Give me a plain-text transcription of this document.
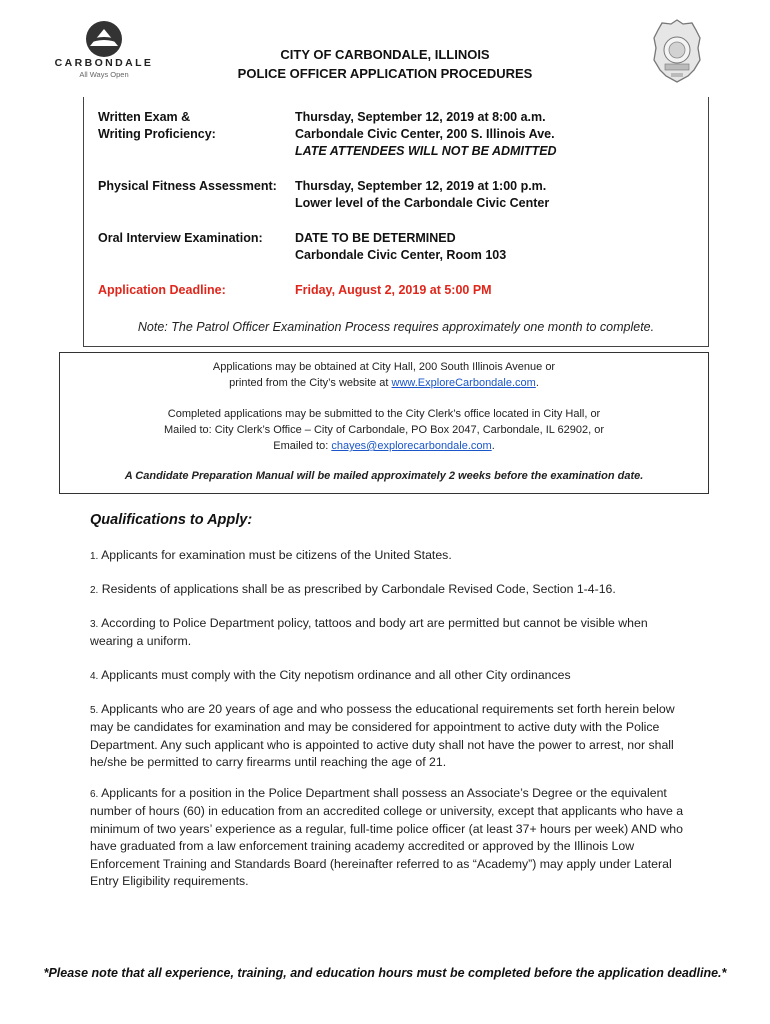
CARBONDALE
All Ways Open
CITY OF CARBONDALE, ILLINOIS
POLICE OFFICER APPLICATION PROCEDURES
Written Exam &
Writing Proficiency:
Thursday, September 12, 2019 at 8:00 a.m.
Carbondale Civic Center, 200 S. Illinois Ave.
LATE ATTENDEES WILL NOT BE ADMITTED
Physical Fitness Assessment: Thursday, September 12, 2019 at 1:00 p.m.
Lower level of the Carbondale Civic Center
Oral Interview Examination:	DATE TO BE DETERMINED
Carbondale Civic Center, Room 103
Application Deadline:	Friday, August 2, 2019 at 5:00 PM
Note: The Patrol Officer Examination Process requires approximately one month to complete.
Applications may be obtained at City Hall, 200 South Illinois Avenue or
printed from the City’s website at www.ExploreCarbondale.com.
Completed applications may be submitted to the City Clerk’s office located in City Hall, or
Mailed to: City Clerk’s Office – City of Carbondale, PO Box 2047, Carbondale, IL 62902, or
Emailed to: chayes@explorecarbondale.com.
A Candidate Preparation Manual will be mailed approximately 2 weeks before the examination date.
Qualifications to Apply:
1. Applicants for examination must be citizens of the United States.
2. Residents of applications shall be as prescribed by Carbondale Revised Code, Section 1-4-16.
3. According to Police Department policy, tattoos and body art are permitted but cannot be visible when wearing a uniform.
4. Applicants must comply with the City nepotism ordinance and all other City ordinances
5. Applicants who are 20 years of age and who possess the educational requirements set forth herein below may be candidates for examination and may be considered for appointment to active duty with the Police Department. Any such applicant who is appointed to active duty shall not have the power to arrest, nor shall he/she be permitted to carry firearms until reaching the age of 21.
6. Applicants for a position in the Police Department shall possess an Associate’s Degree or the equivalent number of hours (60) in education from an accredited college or university, except that applicants who have a minimum of two years’ experience as a regular, full-time police officer (at least 37+ hours per week) AND who have graduated from a law enforcement training academy accredited or approved by the Illinois Low Enforcement Training and Standards Board (hereinafter referred to as “Academy”) may apply under Lateral Entry Eligibility requirements.
*Please note that all experience, training, and education hours must be completed before the application deadline.*
